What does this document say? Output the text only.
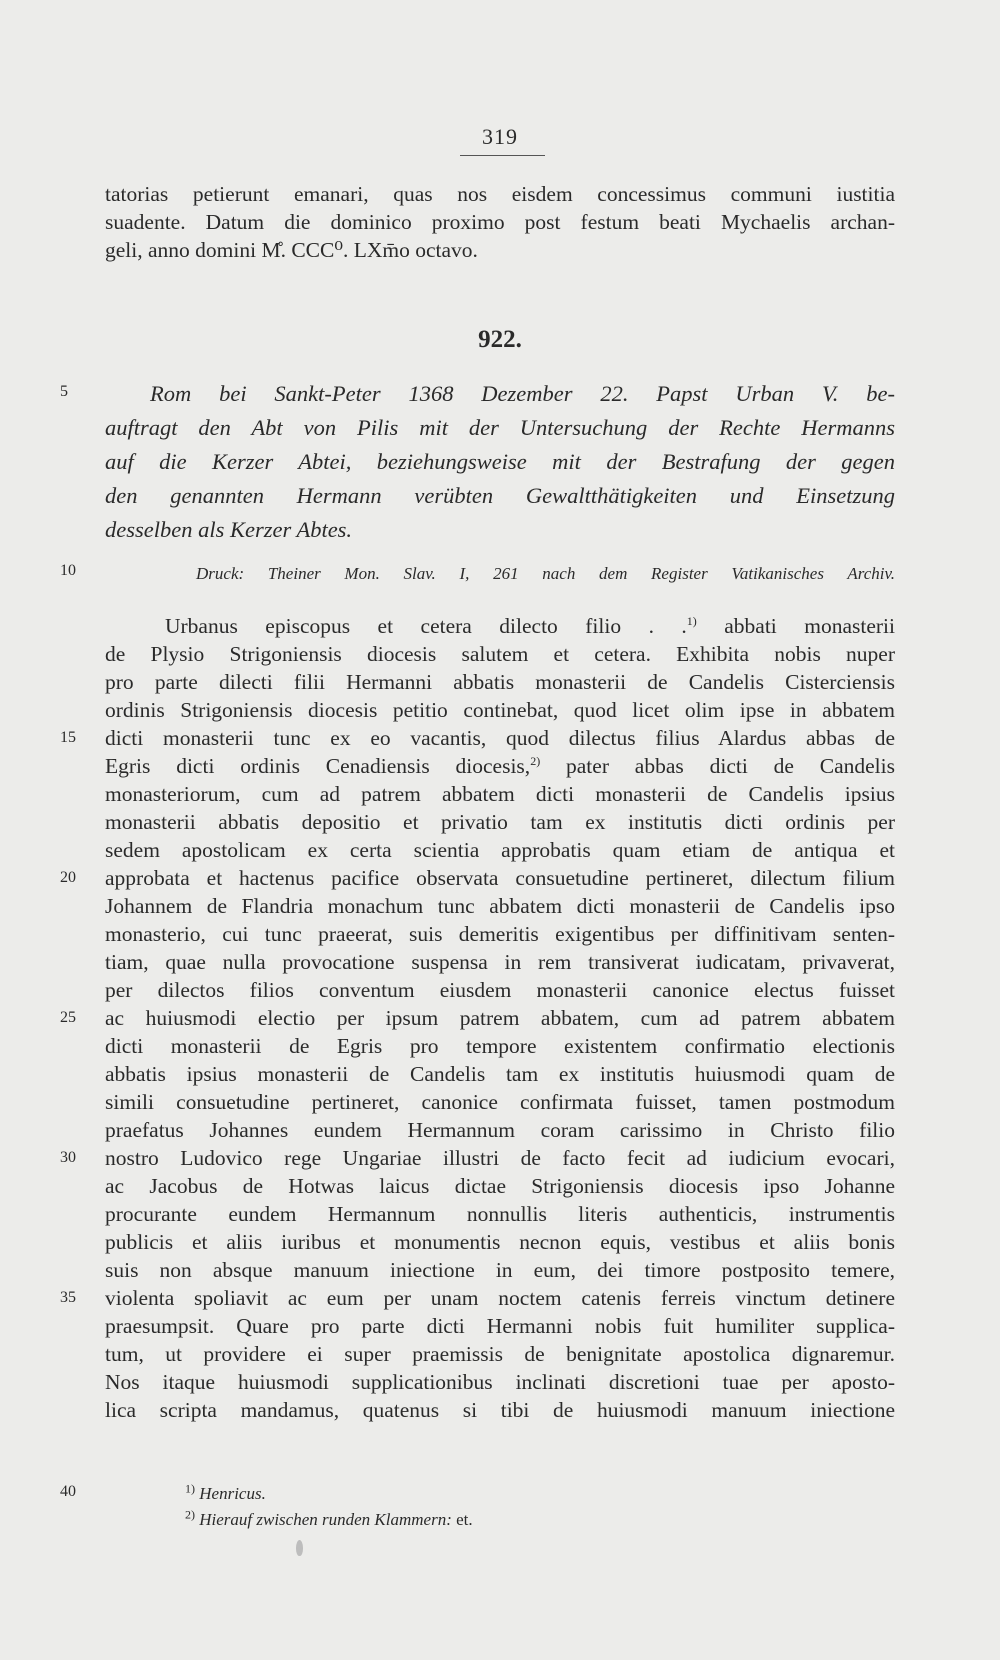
319
tatorias petierunt emanari, quas nos eisdem concessimus communi iustitia
suadente. Datum die dominico proximo post festum beati Mychaelis archan-
geli, anno domini M̊. CCC⁰. LXm̄o octavo.
922.
Rom bei Sankt-Peter 1368 Dezember 22. Papst Urban V. be-
auftragt den Abt von Pilis mit der Untersuchung der Rechte Hermanns
auf die Kerzer Abtei, beziehungsweise mit der Bestrafung der gegen
den genannten Hermann verübten Gewaltthätigkeiten und Einsetzung
desselben als Kerzer Abtes.
Druck: Theiner Mon. Slav. I, 261 nach dem Register Vatikanisches Archiv.
Urbanus episcopus et cetera dilecto filio . .$^{1)}$ abbati monasterii
de Plysio Strigoniensis diocesis salutem et cetera. Exhibita nobis nuper
pro parte dilecti filii Hermanni abbatis monasterii de Candelis Cisterciensis
ordinis Strigoniensis diocesis petitio continebat, quod licet olim ipse in abbatem
dicti monasterii tunc ex eo vacantis, quod dilectus filius Alardus abbas de
Egris dicti ordinis Cenadiensis diocesis,$^{2)}$ pater abbas dicti de Candelis
monasteriorum, cum ad patrem abbatem dicti monasterii de Candelis ipsius
monasterii abbatis depositio et privatio tam ex institutis dicti ordinis per
sedem apostolicam ex certa scientia approbatis quam etiam de antiqua et
approbata et hactenus pacifice observata consuetudine pertineret, dilectum filium
Johannem de Flandria monachum tunc abbatem dicti monasterii de Candelis ipso
monasterio, cui tunc praeerat, suis demeritis exigentibus per diffinitivam senten-
tiam, quae nulla provocatione suspensa in rem transiverat iudicatam, privaverat,
per dilectos filios conventum eiusdem monasterii canonice electus fuisset
ac huiusmodi electio per ipsum patrem abbatem, cum ad patrem abbatem
dicti monasterii de Egris pro tempore existentem confirmatio electionis
abbatis ipsius monasterii de Candelis tam ex institutis huiusmodi quam de
simili consuetudine pertineret, canonice confirmata fuisset, tamen postmodum
praefatus Johannes eundem Hermannum coram carissimo in Christo filio
nostro Ludovico rege Ungariae illustri de facto fecit ad iudicium evocari,
ac Jacobus de Hotwas laicus dictae Strigoniensis diocesis ipso Johanne
procurante eundem Hermannum nonnullis literis authenticis, instrumentis
publicis et aliis iuribus et monumentis necnon equis, vestibus et aliis bonis
suis non absque manuum iniectione in eum, dei timore postposito temere,
violenta spoliavit ac eum per unam noctem catenis ferreis vinctum detinere
praesumpsit. Quare pro parte dicti Hermanni nobis fuit humiliter supplica-
tum, ut providere ei super praemissis de benignitate apostolica dignaremur.
Nos itaque huiusmodi supplicationibus inclinati discretioni tuae per aposto-
lica scripta mandamus, quatenus si tibi de huiusmodi manuum iniectione
5
10
15
20
25
30
35
40	$^{1)}$ Henricus.
$^{2)}$ Hierauf zwischen runden Klammern: et.
